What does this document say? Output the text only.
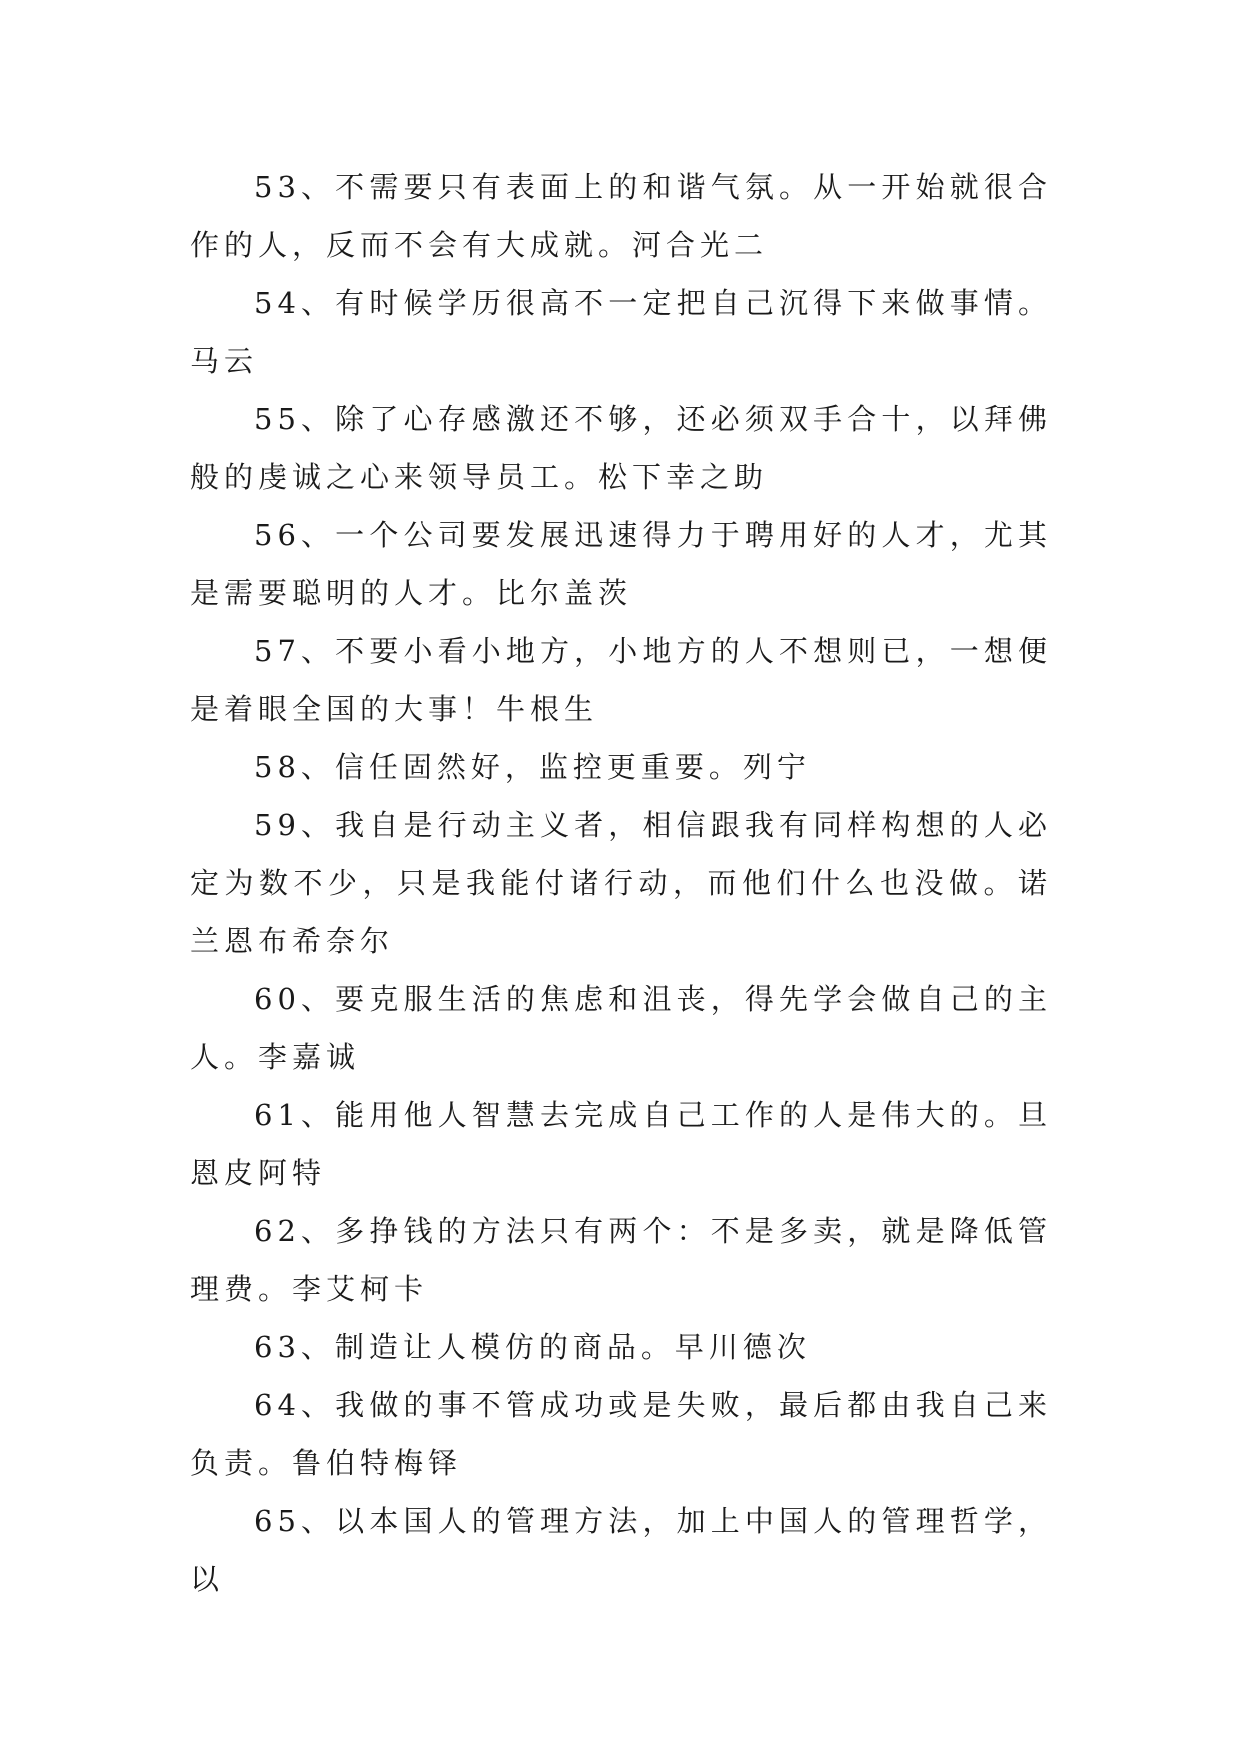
53、不需要只有表面上的和谐气氛。从一开始就很合作的人，反而不会有大成就。河合光二

54、有时候学历很高不一定把自己沉得下来做事情。马云

55、除了心存感激还不够，还必须双手合十，以拜佛般的虔诚之心来领导员工。松下幸之助

56、一个公司要发展迅速得力于聘用好的人才，尤其是需要聪明的人才。比尔盖茨

57、不要小看小地方，小地方的人不想则已，一想便是着眼全国的大事！牛根生

58、信任固然好，监控更重要。列宁

59、我自是行动主义者，相信跟我有同样构想的人必定为数不少，只是我能付诸行动，而他们什么也没做。诺兰恩布希奈尔

60、要克服生活的焦虑和沮丧，得先学会做自己的主人。李嘉诚

61、能用他人智慧去完成自己工作的人是伟大的。旦恩皮阿特

62、多挣钱的方法只有两个：不是多卖，就是降低管理费。李艾柯卡

63、制造让人模仿的商品。早川德次

64、我做的事不管成功或是失败，最后都由我自己来负责。鲁伯特梅铎

65、以本国人的管理方法，加上中国人的管理哲学，以
